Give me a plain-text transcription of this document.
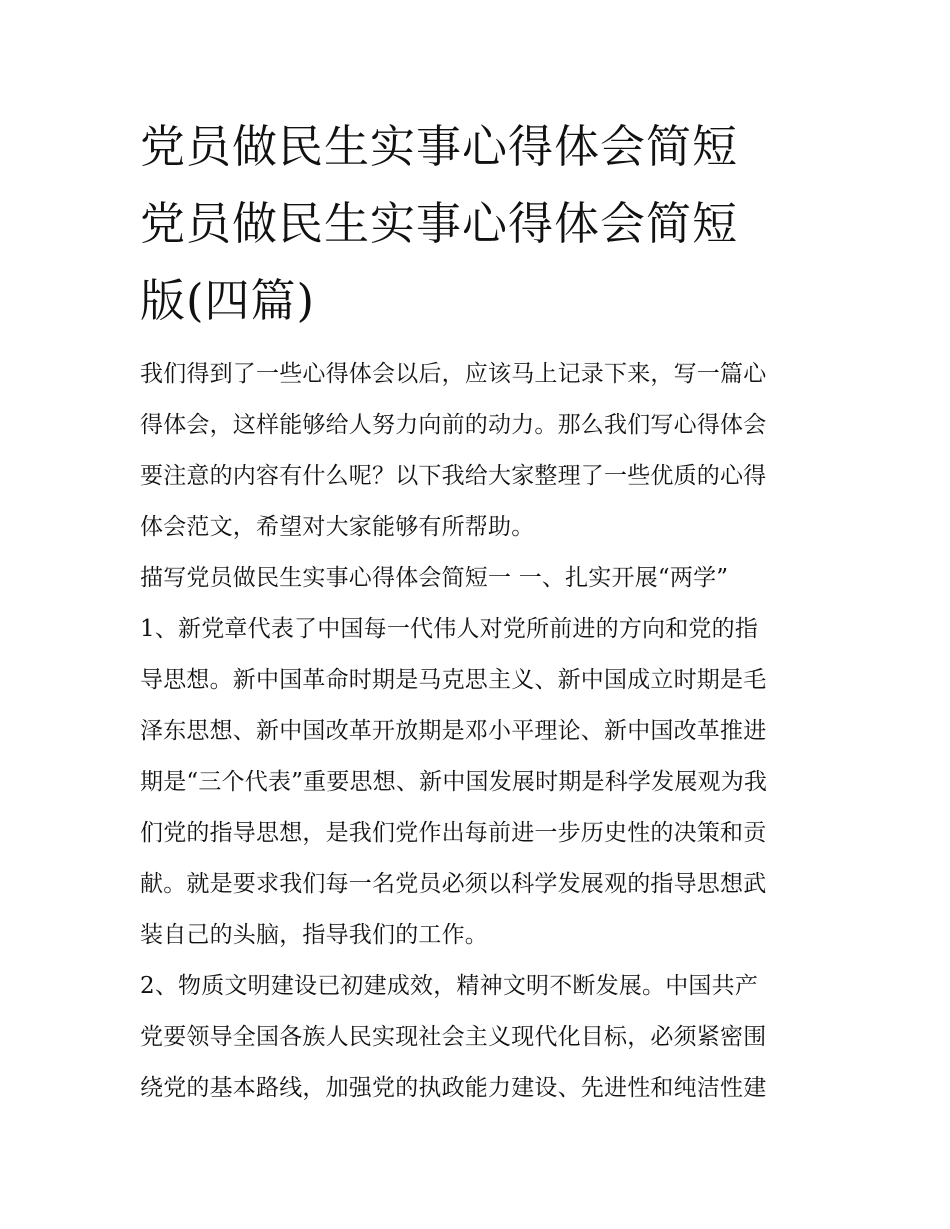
党员做民生实事心得体会简短
党员做民生实事心得体会简短
版(四篇)

我们得到了一些心得体会以后，应该马上记录下来，写一篇心
得体会，这样能够给人努力向前的动力。那么我们写心得体会
要注意的内容有什么呢？以下我给大家整理了一些优质的心得
体会范文，希望对大家能够有所帮助。

描写党员做民生实事心得体会简短一 一、扎实开展“两学”

1、新党章代表了中国每一代伟人对党所前进的方向和党的指
导思想。新中国革命时期是马克思主义、新中国成立时期是毛
泽东思想、新中国改革开放期是邓小平理论、新中国改革推进
期是“三个代表”重要思想、新中国发展时期是科学发展观为我
们党的指导思想，是我们党作出每前进一步历史性的决策和贡
献。就是要求我们每一名党员必须以科学发展观的指导思想武
装自己的头脑，指导我们的工作。

2、物质文明建设已初建成效，精神文明不断发展。中国共产
党要领导全国各族人民实现社会主义现代化目标，必须紧密围
绕党的基本路线，加强党的执政能力建设、先进性和纯洁性建
